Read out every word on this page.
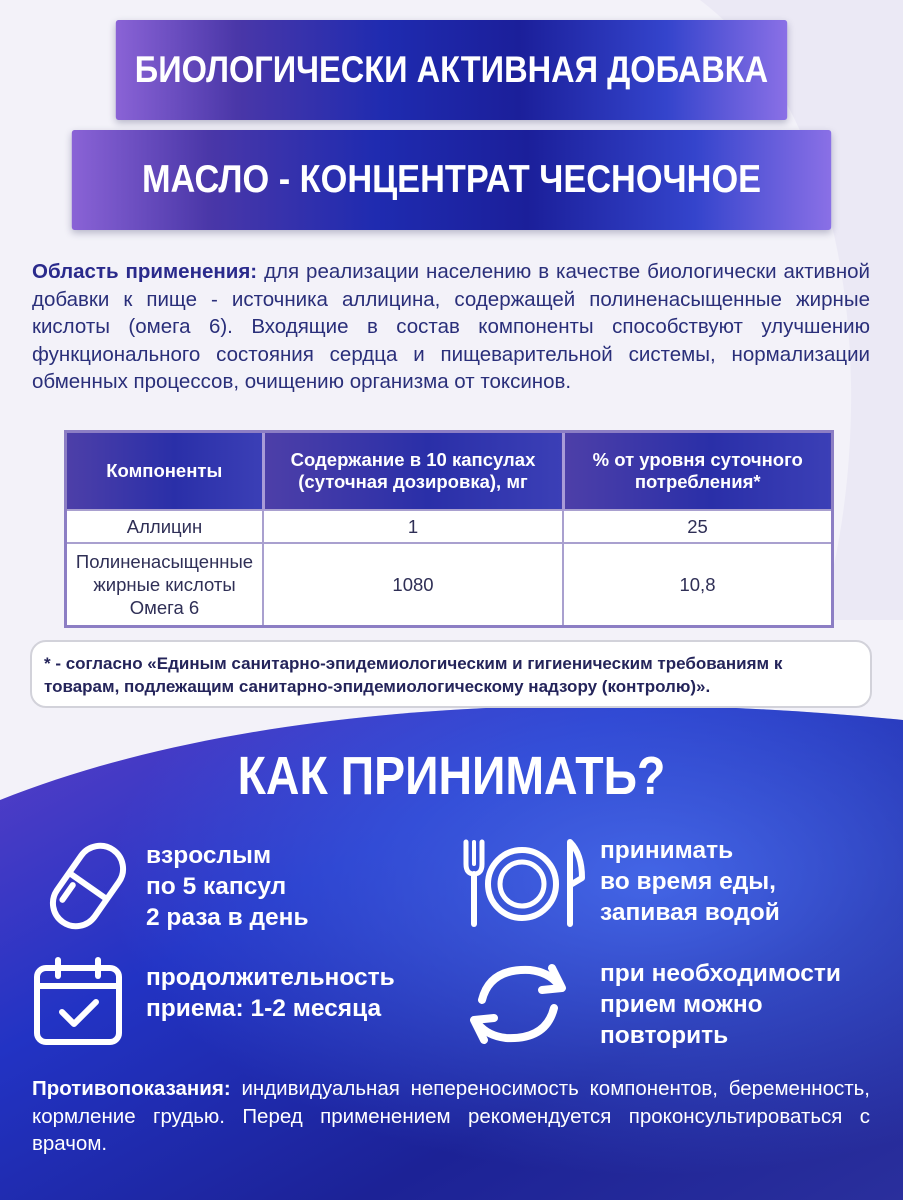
БИОЛОГИЧЕСКИ АКТИВНАЯ ДОБАВКА
МАСЛО - КОНЦЕНТРАТ ЧЕСНОЧНОЕ
Область применения: для реализации населению в качестве биологически активной добавки к пище - источника аллицина, содержащей полиненасыщенные жирные кислоты (омега 6). Входящие в состав компоненты способствуют улучшению функционального состояния сердца и пищеварительной системы, нормализации обменных процессов, очищению организма от токсинов.
Компоненты	Содержание в 10 капсулах (суточная дозировка), мг	% от уровня суточного потребления*
Аллицин	1	25
Полиненасыщенные жирные кислоты Омега 6	1080	10,8
* - согласно «Единым санитарно-эпидемиологическим и гигиеническим требованиям к товарам, подлежащим санитарно-эпидемиологическому надзору (контролю)».
КАК ПРИНИМАТЬ?
взрослым
по 5 капсул
2 раза в день
принимать
во время еды,
запивая водой
продолжительность
приема: 1-2 месяца
при необходимости
прием можно
повторить
Противопоказания: индивидуальная непереносимость компонентов, беременность, кормление грудью. Перед применением рекомендуется проконсультироваться с врачом.
